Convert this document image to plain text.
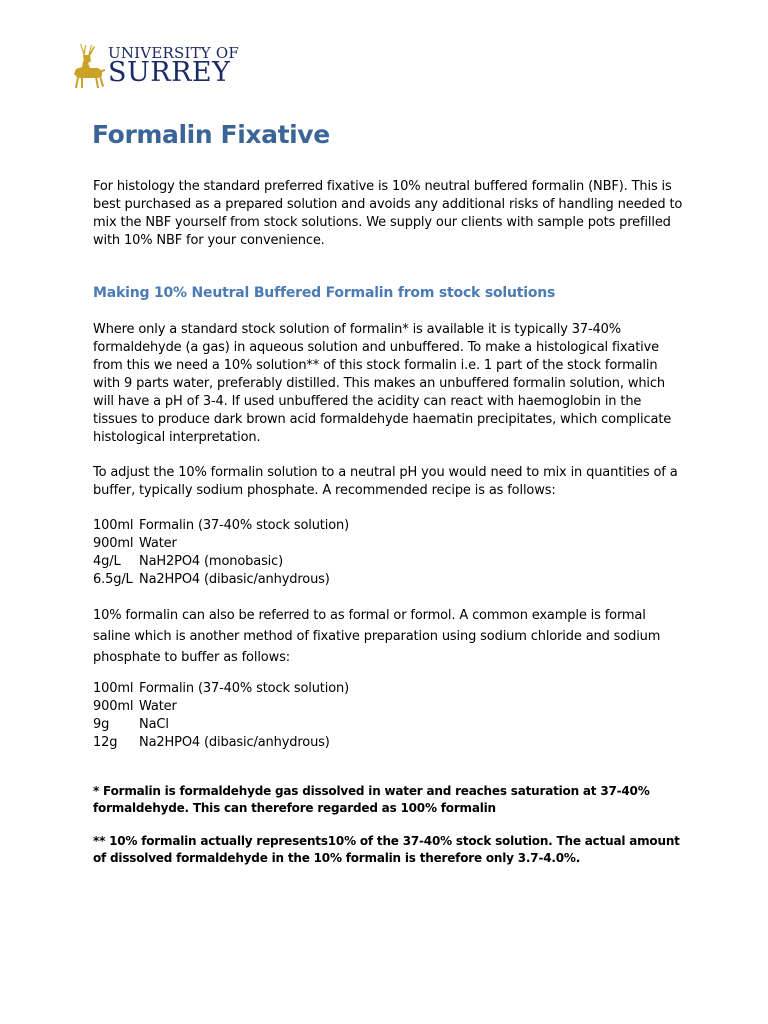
UNIVERSITY OF
SURREY
Formalin Fixative
For histology the standard preferred fixative is 10% neutral buffered formalin (NBF). This is best purchased as a prepared solution and avoids any additional risks of handling needed to mix the NBF yourself from stock solutions. We supply our clients with sample pots prefilled with 10% NBF for your convenience.
Making 10% Neutral Buffered Formalin from stock solutions
Where only a standard stock solution of formalin* is available it is typically 37-40% formaldehyde (a gas) in aqueous solution and unbuffered. To make a histological fixative from this we need a 10% solution** of this stock formalin i.e. 1 part of the stock formalin with 9 parts water, preferably distilled. This makes an unbuffered formalin solution, which will have a pH of 3-4. If used unbuffered the acidity can react with haemoglobin in the tissues to produce dark brown acid formaldehyde haematin precipitates, which complicate histological interpretation.
To adjust the 10% formalin solution to a neutral pH you would need to mix in quantities of a buffer, typically sodium phosphate. A recommended recipe is as follows:
100ml Formalin (37-40% stock solution)
900ml Water
4g/L	NaH2PO4 (monobasic)
6.5g/L Na2HPO4 (dibasic/anhydrous)
10% formalin can also be referred to as formal or formol. A common example is formal saline which is another method of fixative preparation using sodium chloride and sodium phosphate to buffer as follows:
100ml Formalin (37-40% stock solution)
900ml Water
9g	NaCl
12g	Na2HPO4 (dibasic/anhydrous)
* Formalin is formaldehyde gas dissolved in water and reaches saturation at 37-40% formaldehyde. This can therefore regarded as 100% formalin
** 10% formalin actually represents10% of the 37-40% stock solution. The actual amount of dissolved formaldehyde in the 10% formalin is therefore only 3.7-4.0%.
